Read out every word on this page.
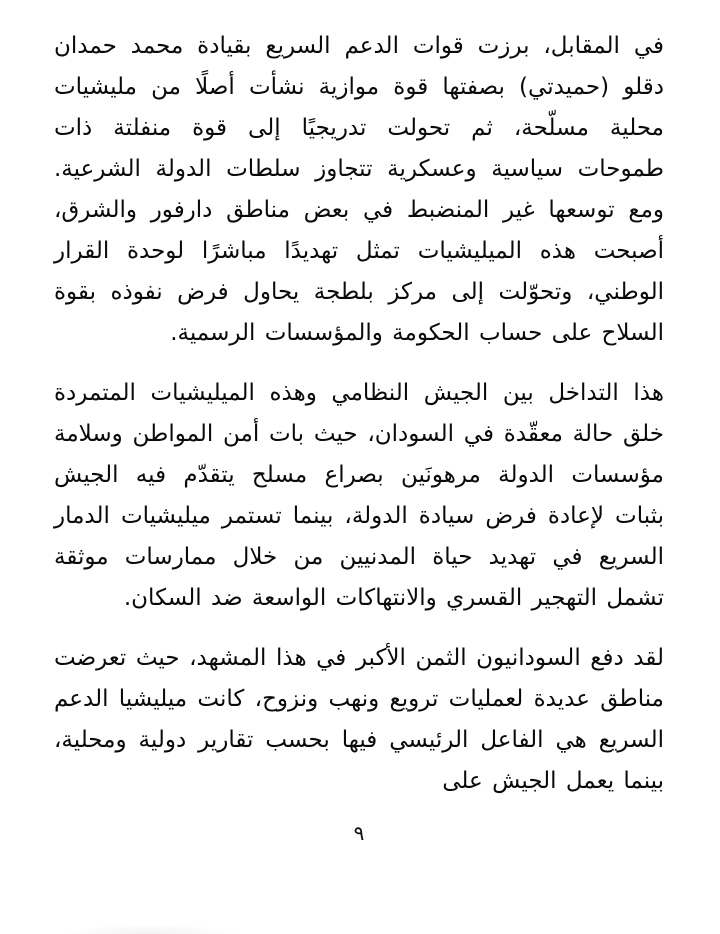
في المقابل، برزت قوات الدعم السريع بقيادة محمد حمدان دقلو (حميدتي) بصفتها قوة موازية نشأت أصلًا من مليشيات محلية مسلّحة، ثم تحولت تدريجيًا إلى قوة منفلتة ذات طموحات سياسية وعسكرية تتجاوز سلطات الدولة الشرعية. ومع توسعها غير المنضبط في بعض مناطق دارفور والشرق، أصبحت هذه الميليشيات تمثل تهديدًا مباشرًا لوحدة القرار الوطني، وتحوّلت إلى مركز بلطجة يحاول فرض نفوذه بقوة السلاح على حساب الحكومة والمؤسسات الرسمية.

هذا التداخل بين الجيش النظامي وهذه الميليشيات المتمردة خلق حالة معقّدة في السودان، حيث بات أمن المواطن وسلامة مؤسسات الدولة مرهونَين بصراع مسلح يتقدّم فيه الجيش بثبات لإعادة فرض سيادة الدولة، بينما تستمر ميليشيات الدمار السريع في تهديد حياة المدنيين من خلال ممارسات موثقة تشمل التهجير القسري والانتهاكات الواسعة ضد السكان.

لقد دفع السودانيون الثمن الأكبر في هذا المشهد، حيث تعرضت مناطق عديدة لعمليات ترويع ونهب ونزوح، كانت ميليشيا الدعم السريع هي الفاعل الرئيسي فيها بحسب تقارير دولية ومحلية، بينما يعمل الجيش على

٩
